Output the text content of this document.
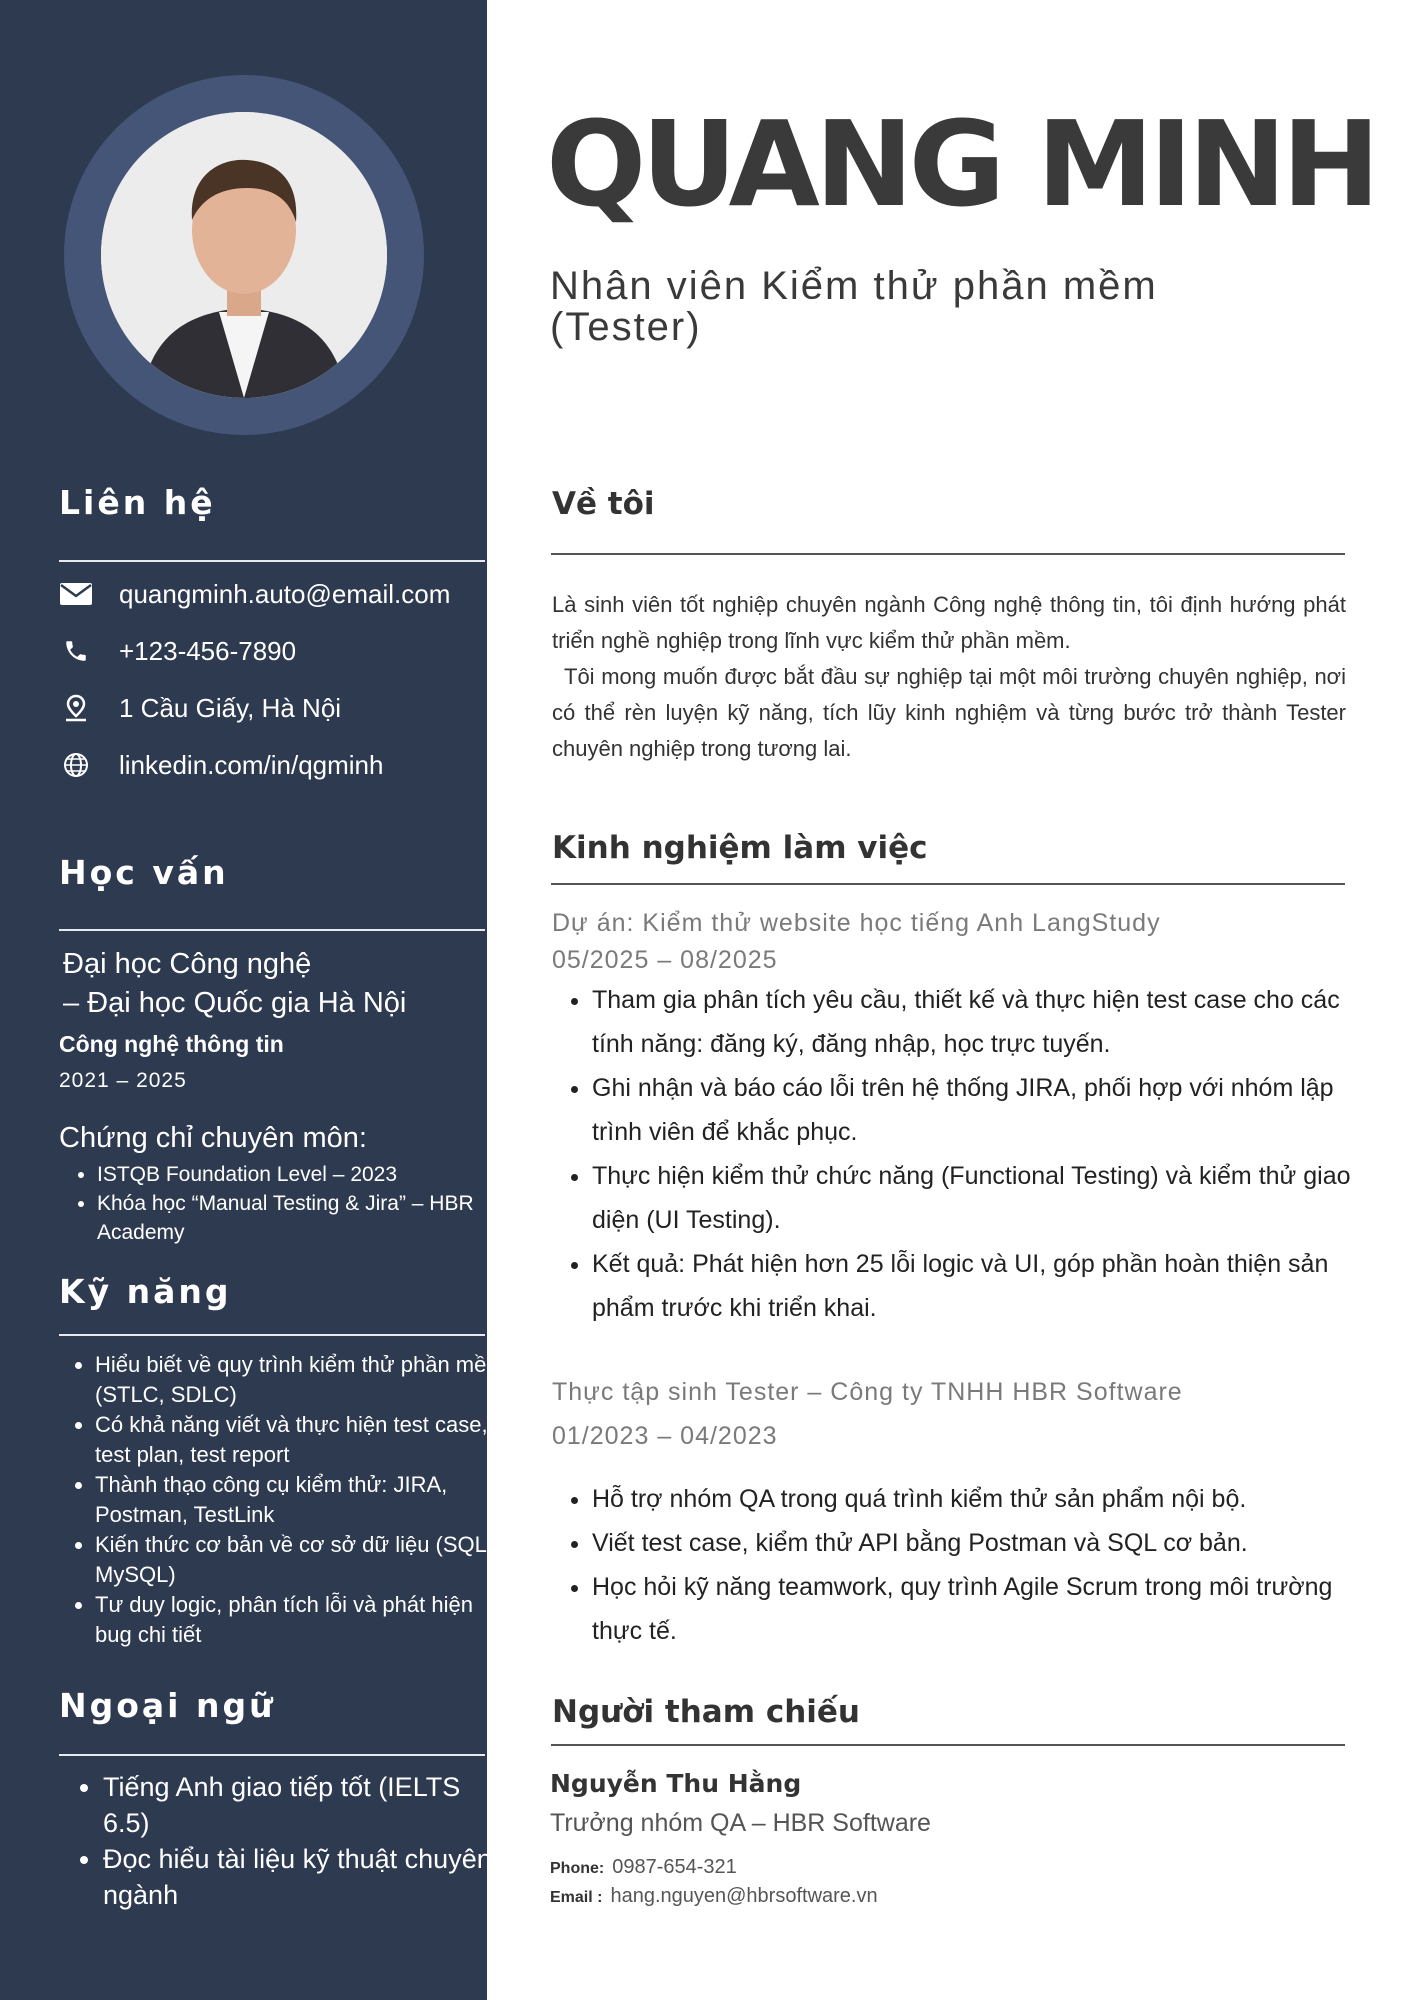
Liên hệ
quangminh.auto@email.com
+123-456-7890
1 Cầu Giấy, Hà Nội
linkedin.com/in/qgminh
Học vấn

Đại học Công nghệ
– Đại học Quốc gia Hà Nội

Công nghệ thông tin
2021 – 2025
Chứng chỉ chuyên môn:
• ISTQB Foundation Level – 2023
• Khóa học “Manual Testing & Jira” – HBR Academy
Kỹ năng
• Hiểu biết về quy trình kiểm thử phần mềm (STLC, SDLC)
• Có khả năng viết và thực hiện test case, test plan, test report
• Thành thạo công cụ kiểm thử: JIRA, Postman, TestLink
• Kiến thức cơ bản về cơ sở dữ liệu (SQL, MySQL)
• Tư duy logic, phân tích lỗi và phát hiện bug chi tiết
Ngoại ngữ
• Tiếng Anh giao tiếp tốt (IELTS 6.5)
• Đọc hiểu tài liệu kỹ thuật chuyên ngành
QUANG MINH
Nhân viên Kiểm thử phần mềm (Tester)
Về tôi

Là sinh viên tốt nghiệp chuyên ngành Công nghệ thông tin, tôi định hướng phát triển nghề nghiệp trong lĩnh vực kiểm thử phần mềm.

Tôi mong muốn được bắt đầu sự nghiệp tại một môi trường chuyên nghiệp, nơi có thể rèn luyện kỹ năng, tích lũy kinh nghiệm và từng bước trở thành Tester chuyên nghiệp trong tương lai.

Kinh nghiệm làm việc

Dự án: Kiểm thử website học tiếng Anh LangStudy

05/2025 – 08/2025

• Tham gia phân tích yêu cầu, thiết kế và thực hiện test case cho các tính năng: đăng ký, đăng nhập, học trực tuyến.
• Ghi nhận và báo cáo lỗi trên hệ thống JIRA, phối hợp với nhóm lập trình viên để khắc phục.
• Thực hiện kiểm thử chức năng (Functional Testing) và kiểm thử giao diện (UI Testing).
• Kết quả: Phát hiện hơn 25 lỗi logic và UI, góp phần hoàn thiện sản phẩm trước khi triển khai.

Thực tập sinh Tester – Công ty TNHH HBR Software

01/2023 – 04/2023

• Hỗ trợ nhóm QA trong quá trình kiểm thử sản phẩm nội bộ.
• Viết test case, kiểm thử API bằng Postman và SQL cơ bản.
• Học hỏi kỹ năng teamwork, quy trình Agile Scrum trong môi trường thực tế.
Người tham chiếu

Nguyễn Thu Hằng

Trưởng nhóm QA – HBR Software
Phone: 0987-654-321
Email : hang.nguyen@hbrsoftware.vn
